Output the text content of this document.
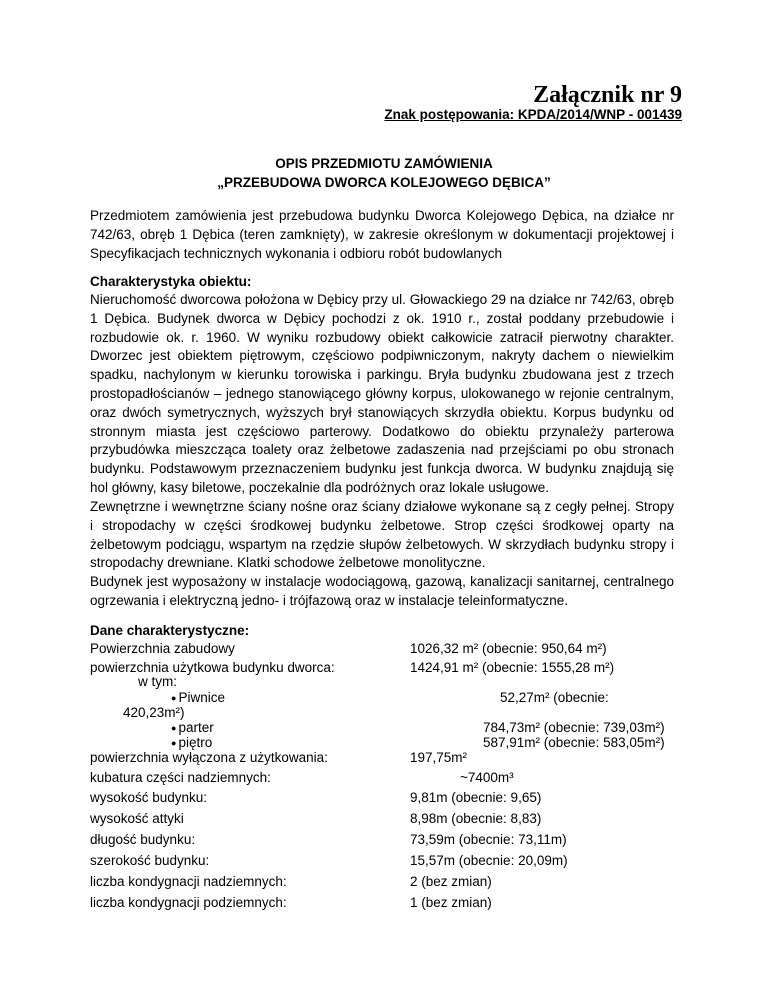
Załącznik nr 9
Znak postępowania: KPDA/2014/WNP - 001439
OPIS PRZEDMIOTU ZAMÓWIENIA
„PRZEBUDOWA DWORCA KOLEJOWEGO DĘBICA”
Przedmiotem zamówienia jest przebudowa budynku Dworca Kolejowego Dębica, na działce nr 742/63, obręb 1 Dębica (teren zamknięty), w zakresie określonym w dokumentacji projektowej i Specyfikacjach technicznych wykonania i odbioru robót budowlanych
Charakterystyka obiektu:
Nieruchomość dworcowa położona w Dębicy przy ul. Głowackiego 29 na działce nr 742/63, obręb 1 Dębica. Budynek dworca w Dębicy pochodzi z ok. 1910 r., został poddany przebudowie i rozbudowie ok. r. 1960. W wyniku rozbudowy obiekt całkowicie zatracił pierwotny charakter. Dworzec jest obiektem piętrowym, częściowo podpiwniczonym, nakryty dachem o niewielkim spadku, nachylonym w kierunku torowiska i parkingu. Bryła budynku zbudowana jest z trzech prostopadłościanów – jednego stanowiącego główny korpus, ulokowanego w rejonie centralnym, oraz dwóch symetrycznych, wyższych brył stanowiących skrzydła obiektu. Korpus budynku od stronnym miasta jest częściowo parterowy. Dodatkowo do obiektu przynależy parterowa przybudówka mieszcząca toalety oraz żelbetowe zadaszenia nad przejściami po obu stronach budynku. Podstawowym przeznaczeniem budynku jest funkcja dworca. W budynku znajdują się hol główny, kasy biletowe, poczekalnie dla podróżnych oraz lokale usługowe.
Zewnętrzne i wewnętrzne ściany nośne oraz ściany działowe wykonane są z cegły pełnej. Stropy i stropodachy w części środkowej budynku żelbetowe. Strop części środkowej oparty na żelbetowym podciągu, wspartym na rzędzie słupów żelbetowych. W skrzydłach budynku stropy i stropodachy drewniane. Klatki schodowe żelbetowe monolityczne.
Budynek jest wyposażony w instalacje wodociągową, gazową, kanalizacji sanitarnej, centralnego ogrzewania i elektryczną jedno- i trójfazową oraz w instalacje teleinformatyczne.
Dane charakterystyczne:
Powierzchnia zabudowy	1026,32 m² (obecnie: 950,64 m²)
powierzchnia użytkowa budynku dworca:	1424,91 m² (obecnie: 1555,28 m²)
w tym:
● Piwnice	52,27m² (obecnie:
420,23m²)
● parter	784,73m² (obecnie: 739,03m²)
● piętro	587,91m² (obecnie: 583,05m²)
powierzchnia wyłączona z użytkowania:	197,75m²
kubatura części nadziemnych:	~7400m³
wysokość budynku:	9,81m (obecnie: 9,65)
wysokość attyki	8,98m (obecnie: 8,83)
długość budynku:	73,59m (obecnie: 73,11m)
szerokość budynku:	15,57m (obecnie: 20,09m)
liczba kondygnacji nadziemnych:	2 (bez zmian)
liczba kondygnacji podziemnych:	1 (bez zmian)
